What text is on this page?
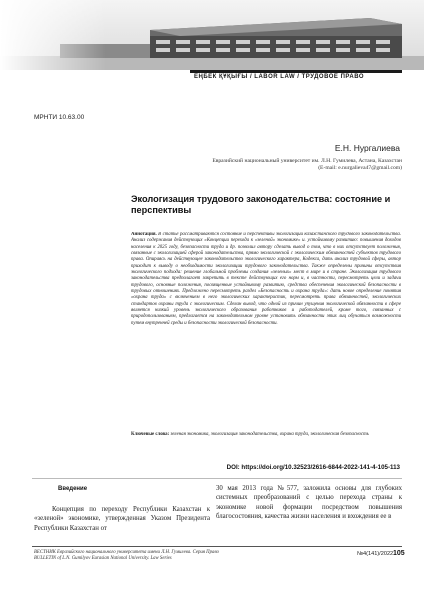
ЕҢБЕК ҚҰҚЫҒЫ / LABOR LAW / ТРУДОВОЕ ПРАВО
МРНТИ 10.63.00
Е.Н. Нургалиева
Евразийский национальный университет им. Л.Н. Гумилева, Астана, Казахстан
(E-mail: e.nurgalieva47@gmail.com)
Экологизация трудового законодательства: состояние и перспективы
Аннотация. В статье рассматриваются состояние и перспективы экологизации казахстанского трудового законодательства. Анализ содержания действующих «Концепции перехода к «зеленой» экономике» и. устойчивому развитию: повышения доходов населения к 2025 году, безопасности труда и др. позволил автору сделать вывод о том, что в них отсутствует положения, связанные с экологизацией сферой законодательства, прямо экологической с экологическим обязанностей субъектов трудового права. Опираясь на действующее законодательство экологического характера, Кодекса, дать анализ трудовой сферы, автор приходит к выводу о необходимости экологизации трудового законодательства. Также определены причины отсутствия экологического подхода: решение глобальной проблемы создания «зеленых» мест в мире и в стране. Экологизация трудового законодательства предполагает закрепить в тексте действующих его норм и, в частности, пересмотреть цели и задачи трудового, основные положения, посвященные устойчивому развитию, средства обеспечения экологической безопасности в трудовых отношениях. Предложено пересмотреть раздел «Безопасность и охрана труда»: дать новое определение понятия «охрана труда» с включением в него экологических характеристик, пересмотреть права обязанностей, экологических стандартов охраны труда с экологическим. Сделан вывод, что одной из причин упущения экологической обязанности в сфере является низкий уровень экологического образования работников и работодателей, кроме того, связанных с природопользованием, предлагается на законодательном уровне установить обязанности этих лиц обучаться возможности путем внутренней среды и безопасности экологической безопасности.
Ключевые слова: зеленая экономика, экологизация законодательства, охрана труда, экологическая безопасность
DOI: https://doi.org/10.32523/2616-6844-2022-141-4-105-113
Введение
Концепция по переходу Республики Казахстан к «зеленой» экономике, утвержденная Указом Президента Республики Казахстан от
30 мая 2013 года №577, заложила основы для глубоких системных преобразований с целью перехода страны к экономике новой формации посредством повышения благосостояния, качества жизни населения и вхождения ее в
ВЕСТНИК Евразийского национального университета имени Л.Н. Гумилева. Серия Право
BULLETIN of L.N. Gumilyov Eurasian National University. Law Series
№4(141)/2022 105
